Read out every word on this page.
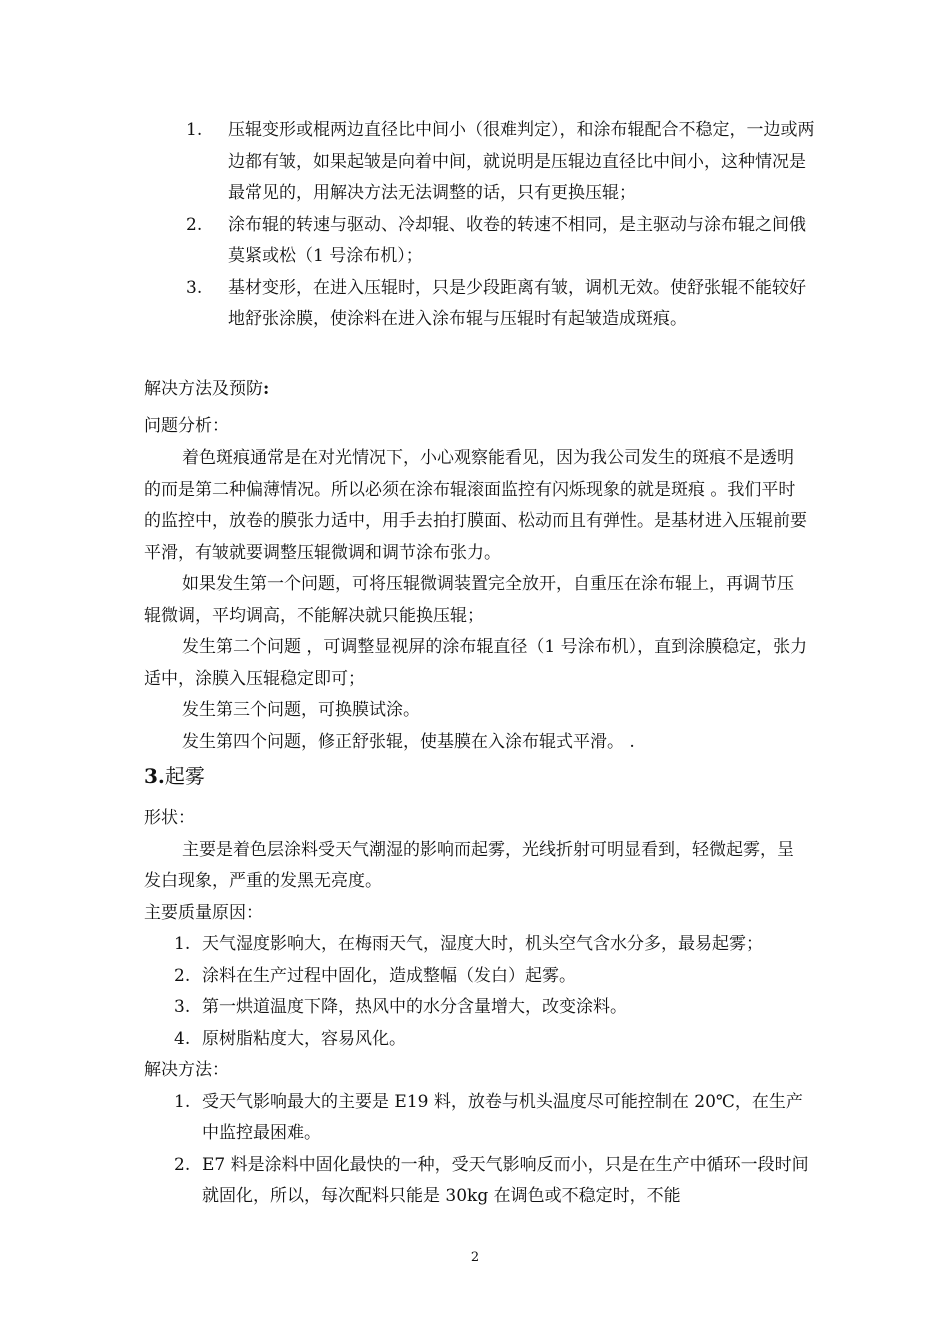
1. 压辊变形或棍两边直径比中间小（很难判定），和涂布辊配合不稳定，一边或两边都有皱，如果起皱是向着中间，就说明是压辊边直径比中间小，这种情况是最常见的，用解决方法无法调整的话，只有更换压辊；
2. 涂布辊的转速与驱动、冷却辊、收卷的转速不相同，是主驱动与涂布辊之间俄莫紧或松（1 号涂布机）；
3. 基材变形，在进入压辊时，只是少段距离有皱，调机无效。使舒张辊不能较好地舒张涂膜，使涂料在进入涂布辊与压辊时有起皱造成斑痕。
解决方法及预防:
问题分析：

着色斑痕通常是在对光情况下，小心观察能看见，因为我公司发生的斑痕不是透明的而是第二种偏薄情况。所以必须在涂布辊滚面监控有闪烁现象的就是斑痕 。我们平时的监控中，放卷的膜张力适中，用手去拍打膜面、松动而且有弹性。是基材进入压辊前要平滑，有皱就要调整压辊微调和调节涂布张力。

如果发生第一个问题，可将压辊微调装置完全放开，自重压在涂布辊上，再调节压辊微调，平均调高，不能解决就只能换压辊；

发生第二个问题 ，可调整显视屏的涂布辊直径（1 号涂布机），直到涂膜稳定，张力适中，涂膜入压辊稳定即可；

发生第三个问题，可换膜试涂。

发生第四个问题，修正舒张辊，使基膜在入涂布辊式平滑。 .

3.起雾
形状：

主要是着色层涂料受天气潮湿的影响而起雾，光线折射可明显看到，轻微起雾，呈发白现象，严重的发黑无亮度。

主要质量原因：
1. 天气湿度影响大，在梅雨天气，湿度大时，机头空气含水分多，最易起雾；
2. 涂料在生产过程中固化，造成整幅（发白）起雾。
3. 第一烘道温度下降，热风中的水分含量增大，改变涂料。
4. 原树脂粘度大，容易风化。
解决方法：
1. 受天气影响最大的主要是 E19 料，放卷与机头温度尽可能控制在 20℃，在生产中监控最困难。
2. E7 料是涂料中固化最快的一种，受天气影响反而小，只是在生产中循环一段时间就固化，所以，每次配料只能是 30kg 在调色或不稳定时，不能
2
